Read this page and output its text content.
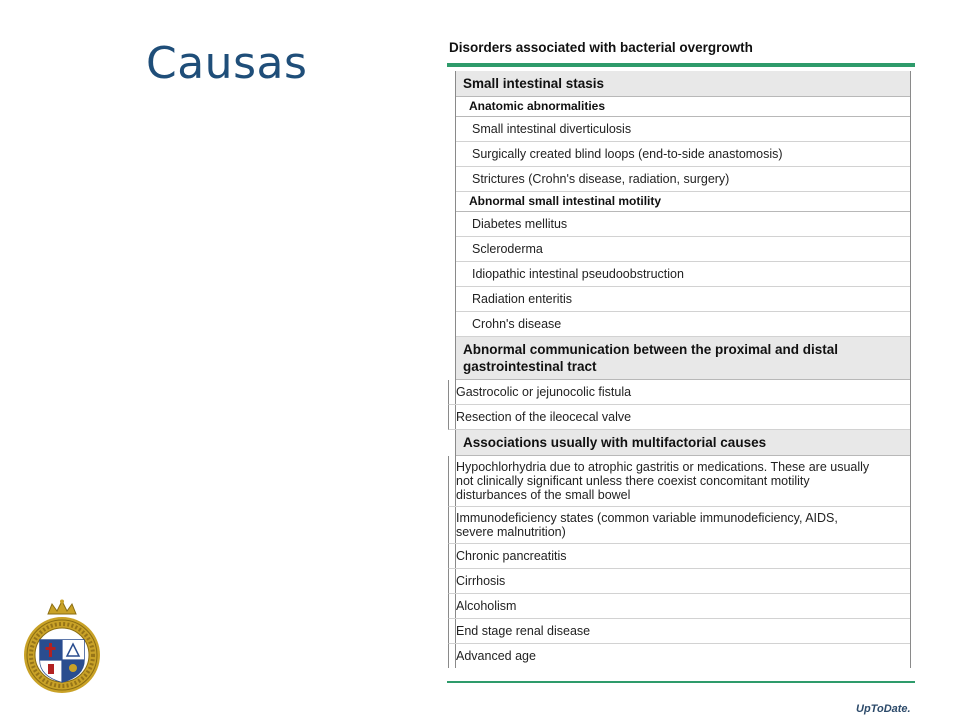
Causas	Disorders associated with bacterial overgrowth
Small intestinal stasis
Anatomic abnormalities
Small intestinal diverticulosis
Surgically created blind loops (end-to-side anastomosis)
Strictures (Crohn's disease, radiation, surgery)
Abnormal small intestinal motility
Diabetes mellitus
Scleroderma
Idiopathic intestinal pseudoobstruction
Radiation enteritis
Crohn's disease
Abnormal communication between the proximal and distal
gastrointestinal tract
Gastrocolic or jejunocolic fistula
Resection of the ileocecal valve
Associations usually with multifactorial causes
Hypochlorhydria due to atrophic gastritis or medications. These are usually
not clinically significant unless there coexist concomitant motility
disturbances of the small bowel
Immunodeficiency states (common variable immunodeficiency, AIDS,
severe malnutrition)
Chronic pancreatitis
Cirrhosis
Alcoholism
End stage renal disease
Advanced age
UpToDate.
